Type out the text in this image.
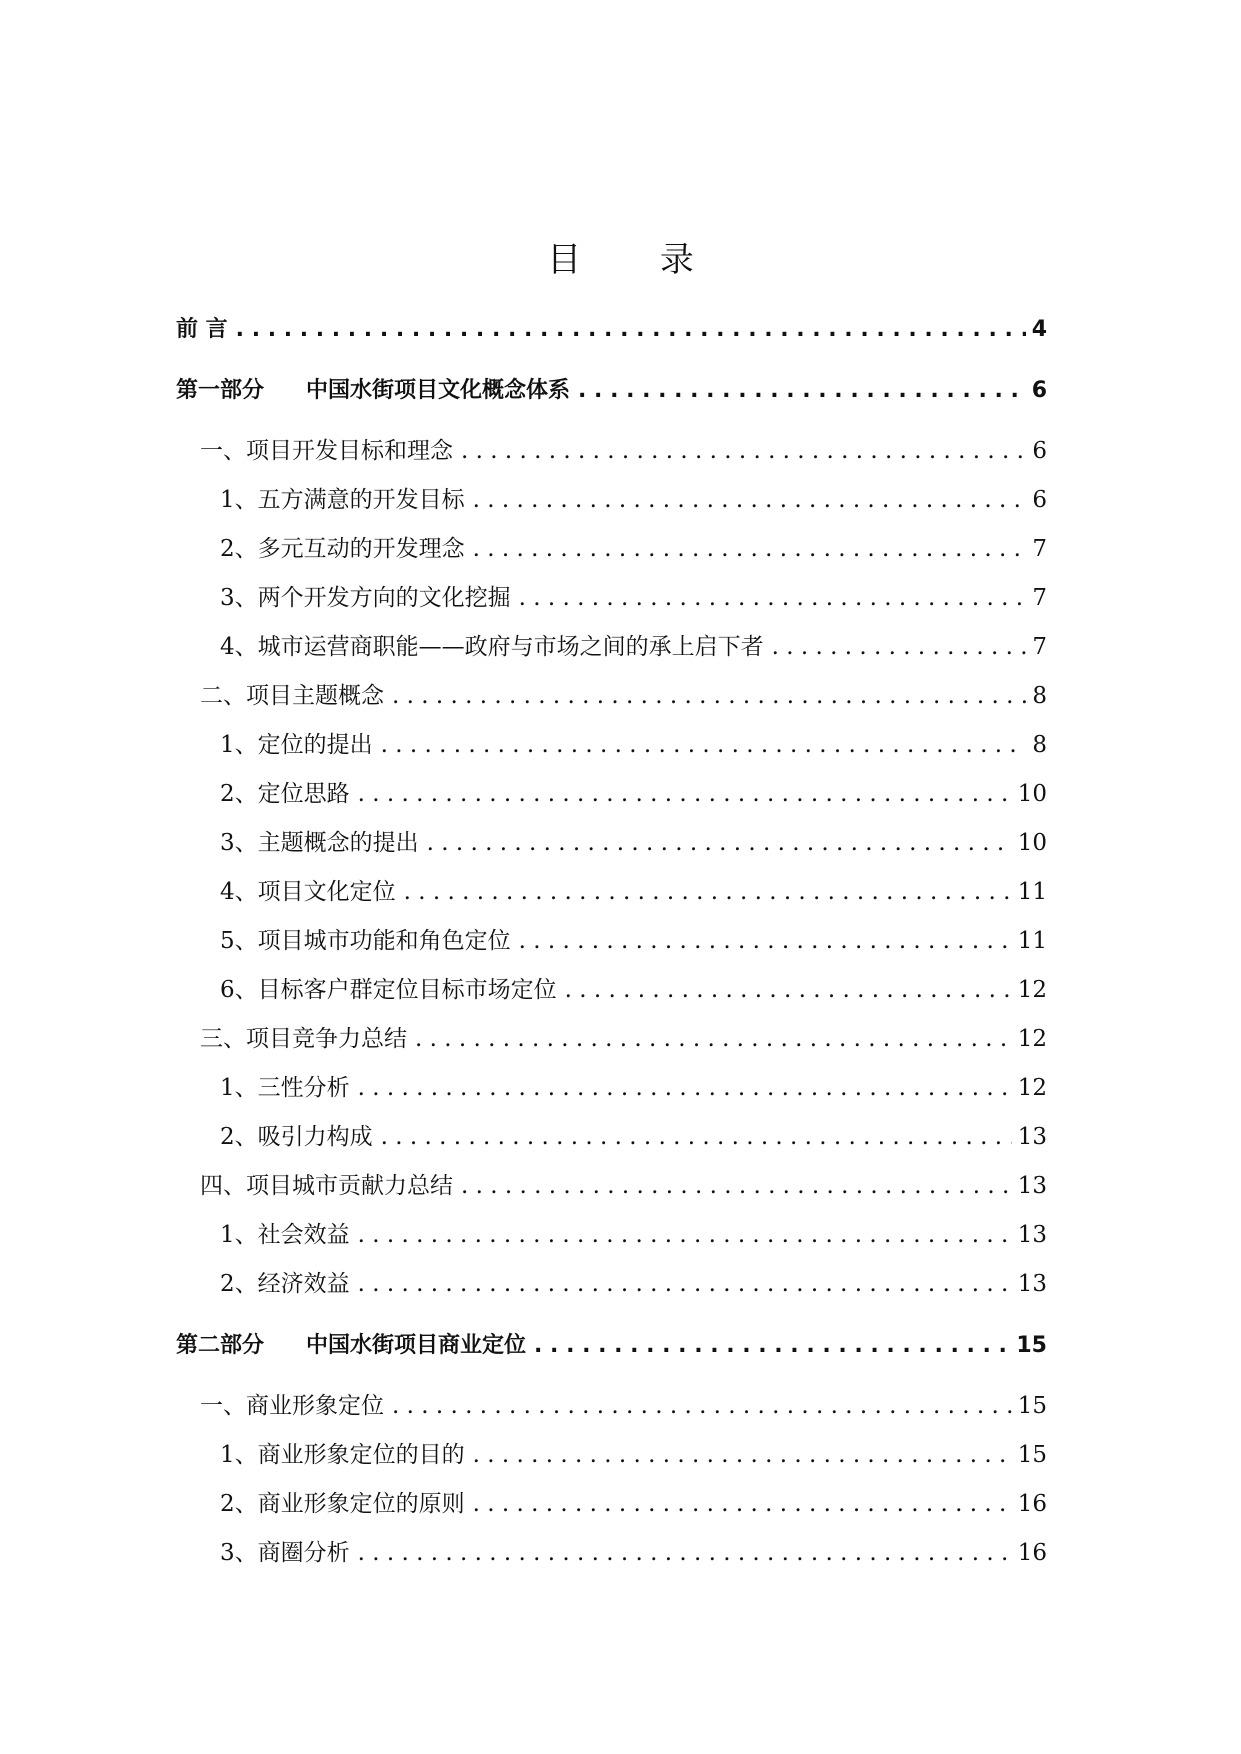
目 录
前 言 . . .	4
第一部分 中国水街项目文化概念体系 . . .	6
一、项目开发目标和理念 . . .	6
1、五方满意的开发目标 . . .	6
2、多元互动的开发理念 . . .	7
3、两个开发方向的文化挖掘 . . .	7
4、城市运营商职能——政府与市场之间的承上启下者 . . .	7
二、项目主题概念 . . .	8
1、定位的提出 . . .	8
2、定位思路 . . .	10
3、主题概念的提出 . . .	10
4、项目文化定位 . . .	11
5、项目城市功能和角色定位 . . .	11
6、目标客户群定位目标市场定位 . . .	12
三、项目竞争力总结 . . .	12
1、三性分析 . . .	12
2、吸引力构成 . . .	13
四、项目城市贡献力总结 . . .	13
1、社会效益 . . .	13
2、经济效益 . . .	13
第二部分 中国水街项目商业定位 . . .	15
一、商业形象定位 . . .	15
1、商业形象定位的目的 . . .	15
2、商业形象定位的原则 . . .	16
3、商圈分析 . . .	16
